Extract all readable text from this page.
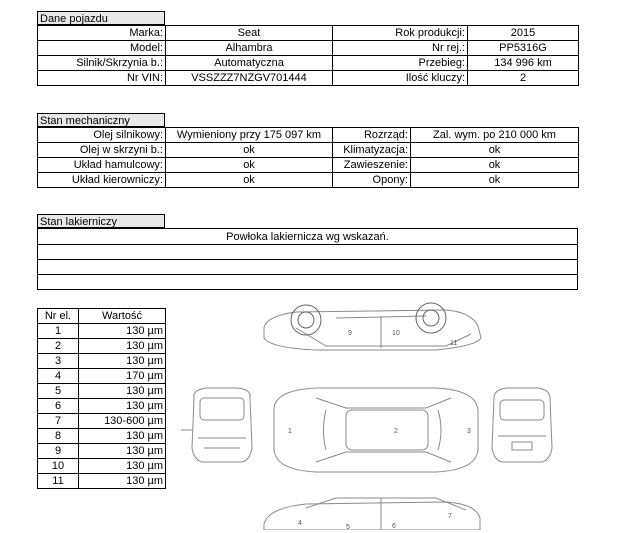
Dane pojazdu
Marka:	Seat	Rok produkcji:	2015
Model:	Alhambra	Nr rej.:	PP5316G
Silnik/Skrzynia b.:	Automatyczna	Przebieg:	134 996 km
Nr VIN:	VSSZZZ7NZGV701444	Ilość kluczy:	2
Stan mechaniczny
Olej silnikowy:	Wymieniony przy 175 097 km	Rozrząd:	Zal. wym. po 210 000 km
Olej w skrzyni b.:	ok	Klimatyzacja:	ok
Układ hamulcowy:	ok	Zawieszenie:	ok
Układ kierowniczy:	ok	Opony:	ok
Stan lakierniczy
Powłoka lakiernicza wg wskazań.

Nr el.	Wartość
1	130 µm
2	130 µm
3	130 µm
4	170 µm
5	130 µm
6	130 µm
7	130-600 µm
8	130 µm
9	130 µm
10	130 µm
11	130 µm
1	2	3
4
5	6
7
9	10
11
